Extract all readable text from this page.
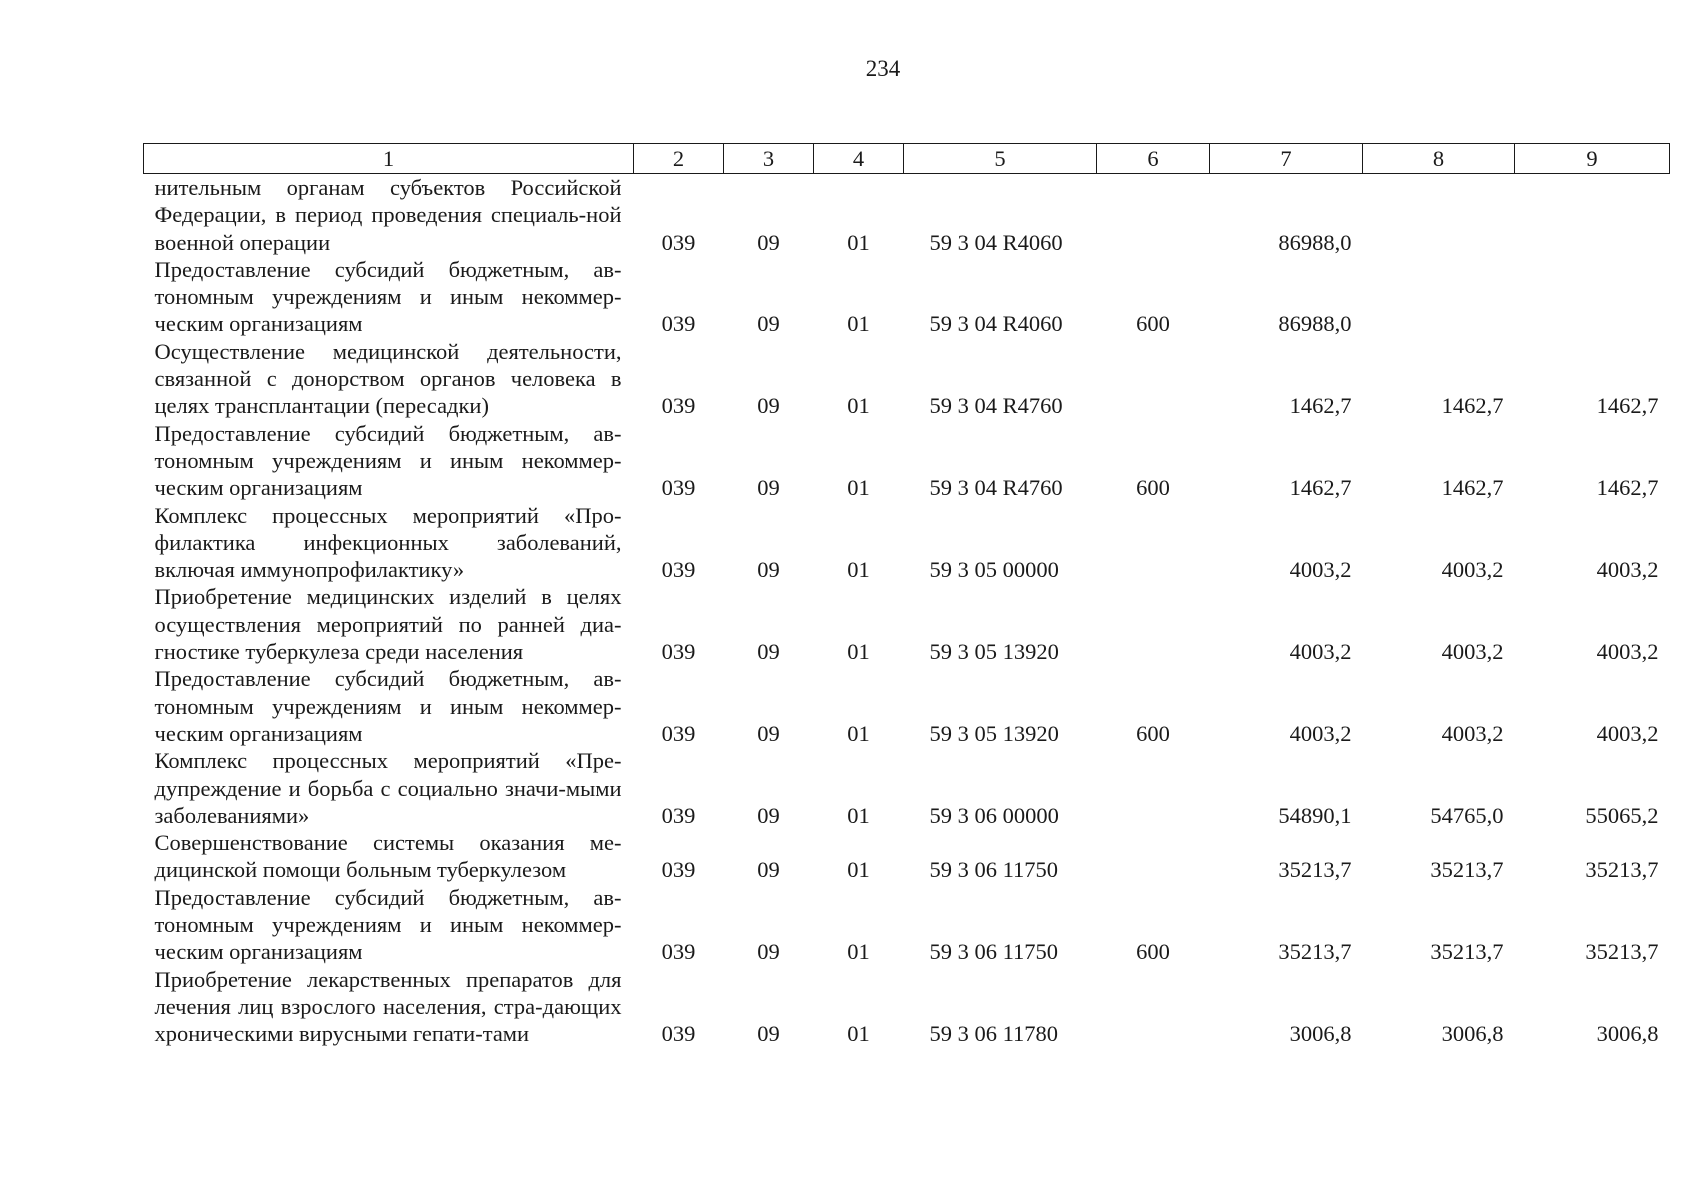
234
1	2	3	4	5	6	7	8	9
нительным органам субъектов Российской Федерации, в период проведения специаль-ной военной операции	039	09	01	59 3 04 R4060		86988,0		
Предоставление субсидий бюджетным, ав-тономным учреждениям и иным некоммер-ческим организациям	039	09	01	59 3 04 R4060	600	86988,0		
Осуществление медицинской деятельности, связанной с донорством органов человека в целях трансплантации (пересадки)	039	09	01	59 3 04 R4760		1462,7	1462,7	1462,7
Предоставление субсидий бюджетным, ав-тономным учреждениям и иным некоммер-ческим организациям	039	09	01	59 3 04 R4760	600	1462,7	1462,7	1462,7
Комплекс процессных мероприятий «Про-филактика инфекционных заболеваний, включая иммунопрофилактику»	039	09	01	59 3 05 00000		4003,2	4003,2	4003,2
Приобретение медицинских изделий в целях осуществления мероприятий по ранней диа-гностике туберкулеза среди населения	039	09	01	59 3 05 13920		4003,2	4003,2	4003,2
Предоставление субсидий бюджетным, ав-тономным учреждениям и иным некоммер-ческим организациям	039	09	01	59 3 05 13920	600	4003,2	4003,2	4003,2
Комплекс процессных мероприятий «Пре-дупреждение и борьба с социально значи-мыми заболеваниями»	039	09	01	59 3 06 00000		54890,1	54765,0	55065,2
Совершенствование системы оказания ме-дицинской помощи больным туберкулезом	039	09	01	59 3 06 11750		35213,7	35213,7	35213,7
Предоставление субсидий бюджетным, ав-тономным учреждениям и иным некоммер-ческим организациям	039	09	01	59 3 06 11750	600	35213,7	35213,7	35213,7
Приобретение лекарственных препаратов для лечения лиц взрослого населения, стра-дающих хроническими вирусными гепати-тами	039	09	01	59 3 06 11780		3006,8	3006,8	3006,8
